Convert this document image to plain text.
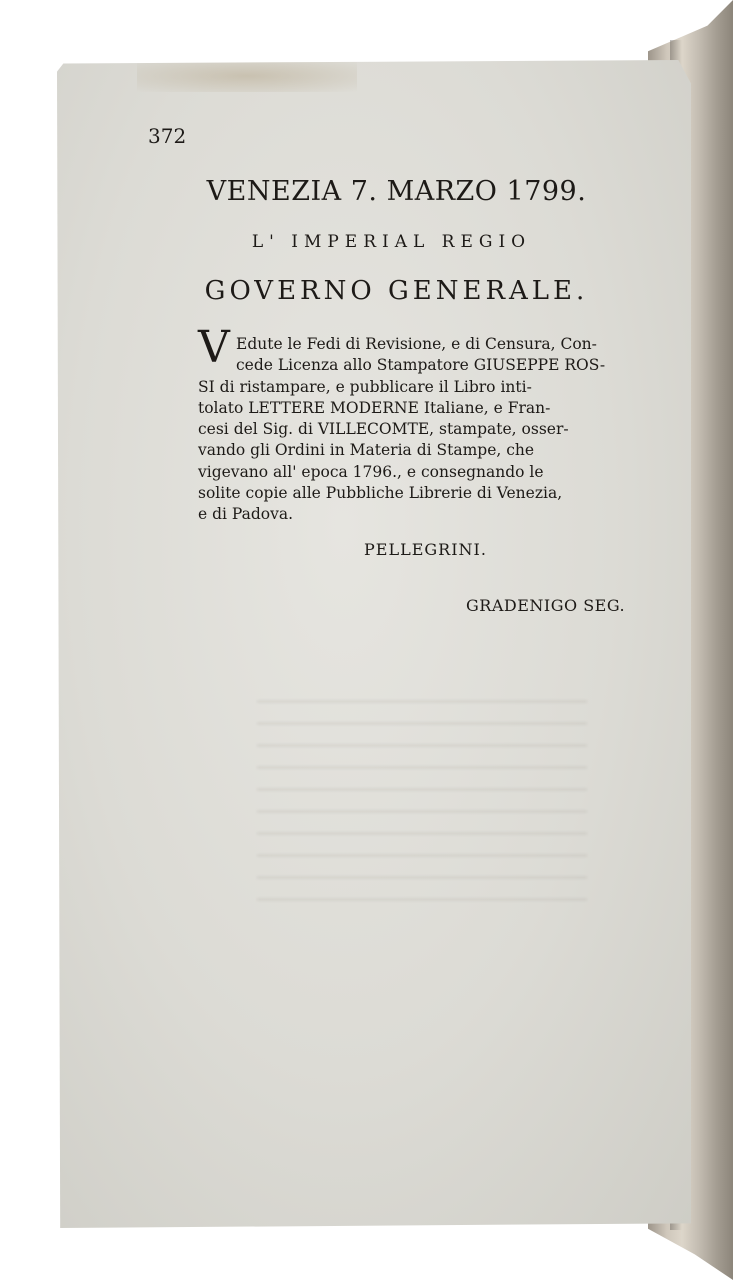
372
VENEZIA 7. MARZO 1799.
L' IMPERIAL REGIO
GOVERNO GENERALE.
V Edute le Fedi di Revisione, e di Censura, Con-
cede Licenza allo Stampatore GIUSEPPE ROS-
SI di ristampare, e pubblicare il Libro inti-
tolato LETTERE MODERNE Italiane, e Fran-
cesi del Sig. di VILLECOMTE, stampate, osser-
vando gli Ordini in Materia di Stampe, che
vigevano all' epoca 1796., e consegnando le
solite copie alle Pubbliche Librerie di Venezia,
e di Padova.
PELLEGRINI.
GRADENIGO SEG.
